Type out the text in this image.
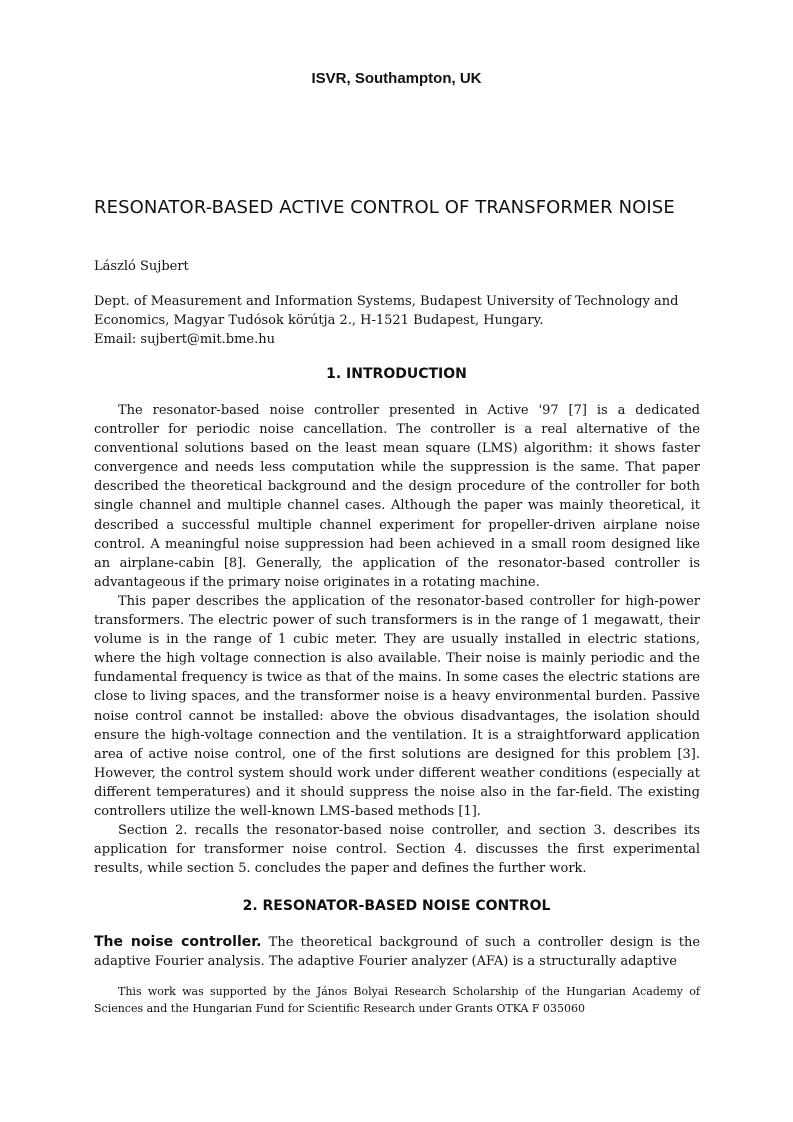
ISVR, Southampton, UK
RESONATOR-BASED ACTIVE CONTROL OF TRANSFORMER NOISE
László Sujbert
Dept. of Measurement and Information Systems, Budapest University of Technology and
Economics, Magyar Tudósok körútja 2., H-1521 Budapest, Hungary.
Email: sujbert@mit.bme.hu
1. INTRODUCTION

The resonator-based noise controller presented in Active '97 [7] is a dedicated controller for periodic noise cancellation. The controller is a real alternative of the conventional solutions based on the least mean square (LMS) algorithm: it shows faster convergence and needs less computation while the suppression is the same. That paper described the theoretical background and the design procedure of the controller for both single channel and multiple channel cases. Although the paper was mainly theoretical, it described a successful multiple channel experiment for propeller-driven airplane noise control. A meaningful noise suppression had been achieved in a small room designed like an airplane-cabin [8]. Generally, the application of the resonator-based controller is advantageous if the primary noise originates in a rotating machine.

This paper describes the application of the resonator-based controller for high-power transformers. The electric power of such transformers is in the range of 1 megawatt, their volume is in the range of 1 cubic meter. They are usually installed in electric stations, where the high voltage connection is also available. Their noise is mainly periodic and the fundamental frequency is twice as that of the mains. In some cases the electric stations are close to living spaces, and the transformer noise is a heavy environmental burden. Passive noise control cannot be installed: above the obvious disadvantages, the isolation should ensure the high-voltage connection and the ventilation. It is a straightforward application area of active noise control, one of the first solutions are designed for this problem [3]. However, the control system should work under different weather conditions (especially at different temperatures) and it should suppress the noise also in the far-field. The existing controllers utilize the well-known LMS-based methods [1].

Section 2. recalls the resonator-based noise controller, and section 3. describes its application for transformer noise control. Section 4. discusses the first experimental results, while section 5. concludes the paper and defines the further work.

2. RESONATOR-BASED NOISE CONTROL

The noise controller. The theoretical background of such a controller design is the adaptive Fourier analysis. The adaptive Fourier analyzer (AFA) is a structurally adaptive

This work was supported by the János Bolyai Research Scholarship of the Hungarian Academy of Sciences and the Hungarian Fund for Scientific Research under Grants OTKA F 035060
